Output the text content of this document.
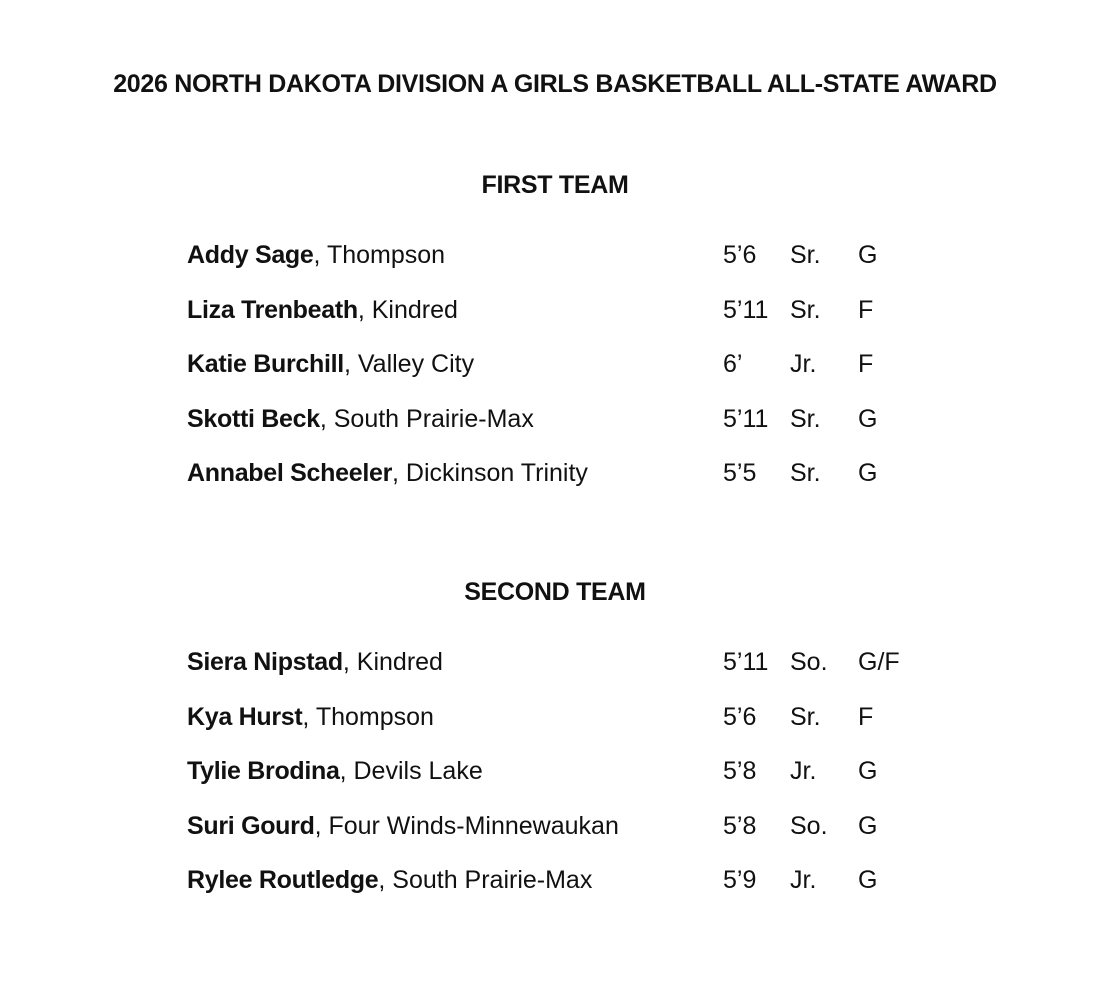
2026 NORTH DAKOTA DIVISION A GIRLS BASKETBALL ALL-STATE AWARD
FIRST TEAM
Addy Sage, Thompson	5’6 Sr. G
Liza Trenbeath, Kindred	5’11 Sr. F
Katie Burchill, Valley City	6’ Jr. F
Skotti Beck, South Prairie-Max	5’11 Sr. G
Annabel Scheeler, Dickinson Trinity	5’5 Sr. G
SECOND TEAM
Siera Nipstad, Kindred	5’11 So. G/F
Kya Hurst, Thompson	5’6 Sr. F
Tylie Brodina, Devils Lake	5’8 Jr. G
Suri Gourd, Four Winds-Minnewaukan	5’8 So. G
Rylee Routledge, South Prairie-Max	5’9 Jr. G
